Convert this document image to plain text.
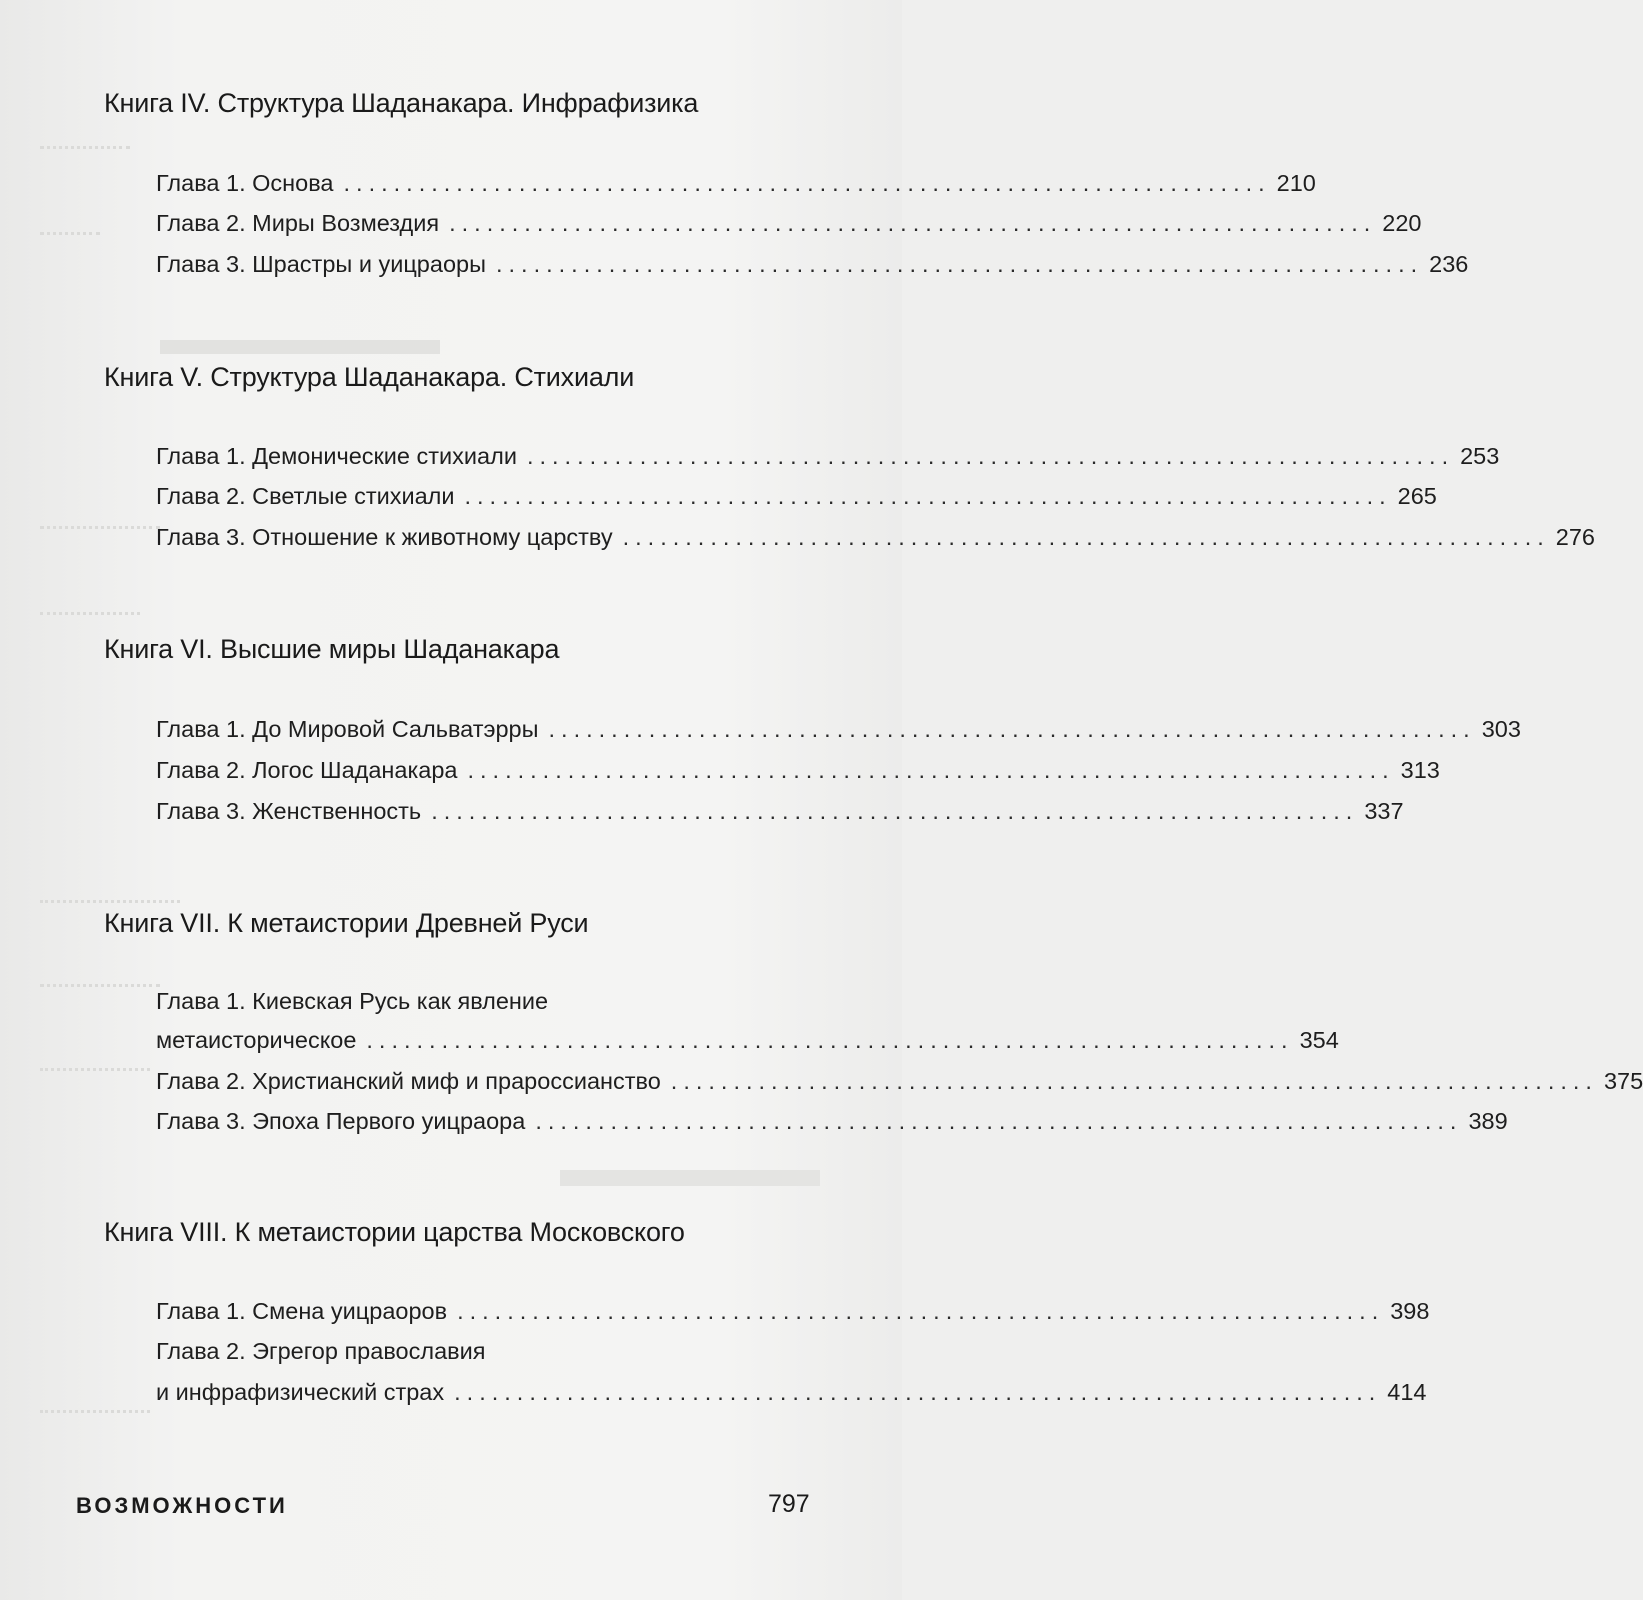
Книга IV. Структура Шаданакара. Инфрафизика
Глава 1. Основа .......................................................................... 210
Глава 2. Миры Возмездия .......................................................................... 220
Глава 3. Шрастры и уицраоры .......................................................................... 236
Книга V. Структура Шаданакара. Стихиали
Глава 1. Демонические стихиали .......................................................................... 253
Глава 2. Светлые стихиали .......................................................................... 265
Глава 3. Отношение к животному царству .......................................................................... 276
Книга VI. Высшие миры Шаданакара
Глава 1. До Мировой Сальватэрры .......................................................................... 303
Глава 2. Логос Шаданакара .......................................................................... 313
Глава 3. Женственность .......................................................................... 337
Книга VII. К метаистории Древней Руси
Глава 1. Киевская Русь как явление
метаисторическое .......................................................................... 354
Глава 2. Христианский миф и прароссианство .......................................................................... 375
Глава 3. Эпоха Первого уицраора .......................................................................... 389
Книга VIII. К метаистории царства Московского
Глава 1. Смена уицраоров .......................................................................... 398
Глава 2. Эгрегор православия
и инфрафизический страх .......................................................................... 414
ВОЗМОЖНОСТИ	797
